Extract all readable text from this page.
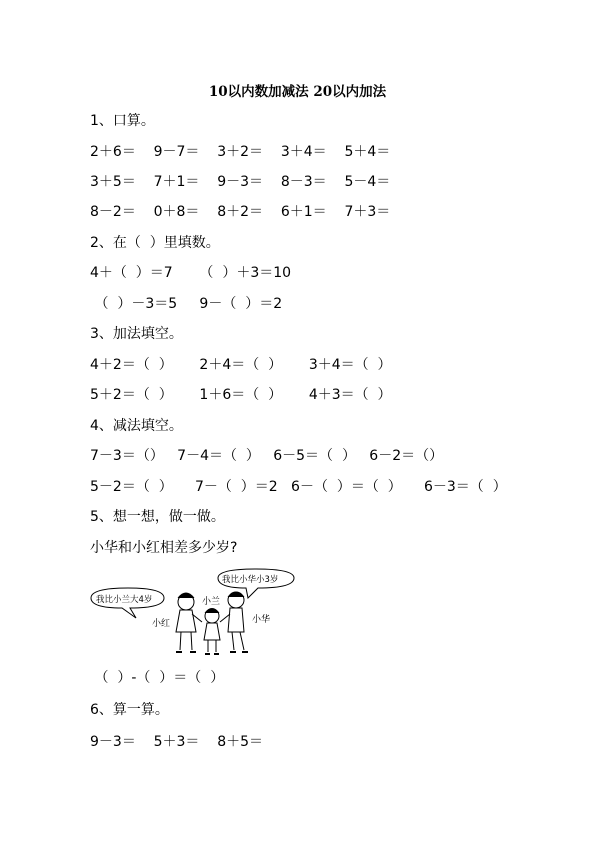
10以内数加减法 20以内加法
1、口算。
2＋6＝    9－7＝    3＋2＝    3＋4＝    5＋4＝
3＋5＝    7＋1＝    9－3＝    8－3＝    5－4＝
8－2＝    0＋8＝    8＋2＝    6＋1＝    7＋3＝
2、在（  ）里填数。
4＋（  ）＝7      （  ）＋3＝10
（  ）－3＝5     9－（  ）＝2
3、加法填空。
4＋2＝（  ）      2＋4＝（  ）      3＋4＝（  ）
5＋2＝（  ）      1＋6＝（  ）      4＋3＝（  ）
4、减法填空。
7－3＝（）   7－4＝（  ）   6－5＝（  ）   6－2＝（）
5－2＝（  ）     7－（  ）＝2   6－（  ）＝（  ）     6－3＝（  ）
5、想一想，做一做。
小华和小红相差多少岁?
我比小兰大4岁
我比小华小3岁
小红
小兰
小华
（  ）-（  ）＝（  ）
6、算一算。
9－3＝    5＋3＝    8＋5＝
